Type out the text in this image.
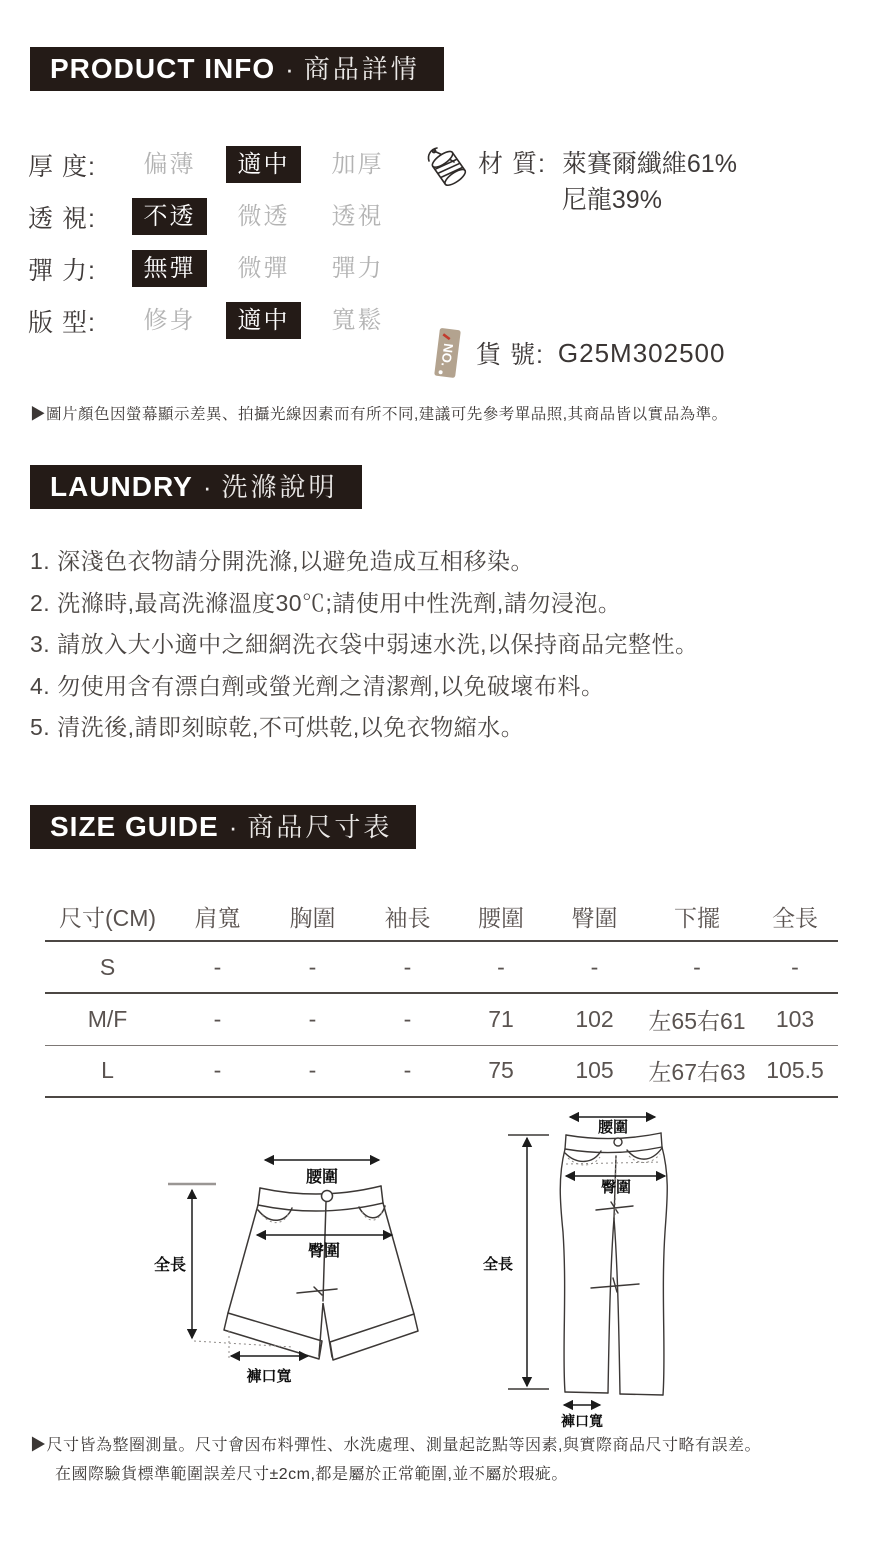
PRODUCT INFO · 商品詳情
厚 度:	偏薄	適中	加厚
透 視:	不透	微透	透視
彈 力:	無彈	微彈	彈力
版 型:	修身	適中	寬鬆
材 質: 萊賽爾纖維61%
尼龍39%
NO. 貨 號: G25M302500
▶圖片顏色因螢幕顯示差異、拍攝光線因素而有所不同,建議可先參考單品照,其商品皆以實品為準。
LAUNDRY · 洗滌說明
1. 深淺色衣物請分開洗滌,以避免造成互相移染。
2. 洗滌時,最高洗滌溫度30℃;請使用中性洗劑,請勿浸泡。
3. 請放入大小適中之細網洗衣袋中弱速水洗,以保持商品完整性。
4. 勿使用含有漂白劑或螢光劑之清潔劑,以免破壞布料。
5. 清洗後,請即刻晾乾,不可烘乾,以免衣物縮水。
SIZE GUIDE · 商品尺寸表
尺寸(CM)	肩寬	胸圍	袖長	腰圍	臀圍	下擺	全長
S	-	-	-	-	-	-	-
M/F	-	-	-	71	102	左65右61	103
L	-	-	-	75	105	左67右63	105.5
腰圍
臀圍
全長
褲口寬
腰圍
臀圍
全長
褲口寬
▶尺寸皆為整圈測量。尺寸會因布料彈性、水洗處理、測量起訖點等因素,與實際商品尺寸略有誤差。
在國際驗貨標準範圍誤差尺寸±2cm,都是屬於正常範圍,並不屬於瑕疵。
